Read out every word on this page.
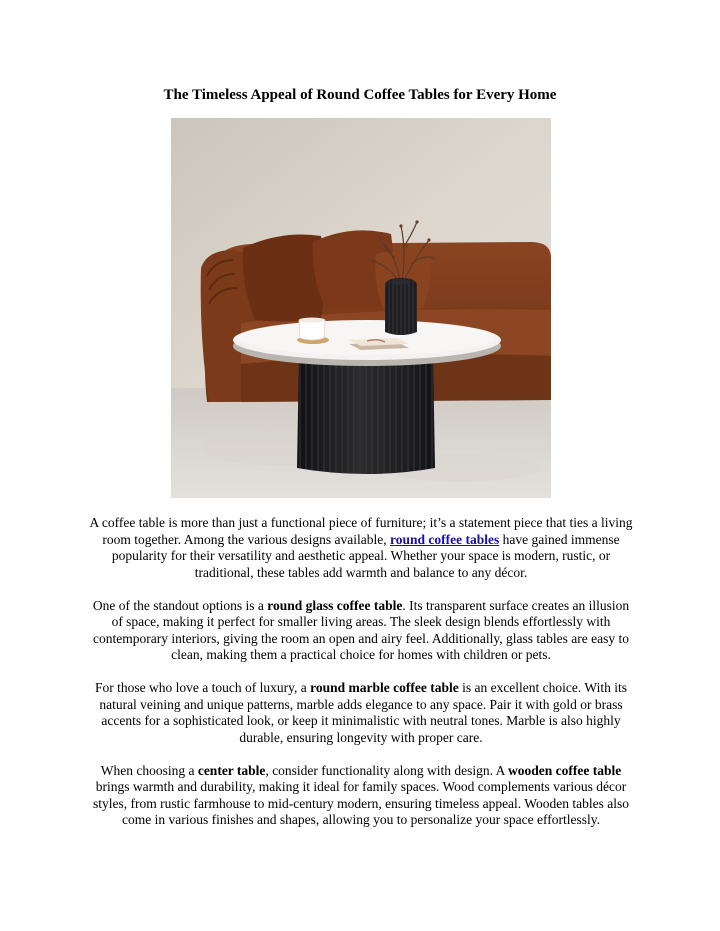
The Timeless Appeal of Round Coffee Tables for Every Home

A coffee table is more than just a functional piece of furniture; it’s a statement piece that ties a living room together. Among the various designs available, round coffee tables have gained immense popularity for their versatility and aesthetic appeal. Whether your space is modern, rustic, or traditional, these tables add warmth and balance to any décor.

One of the standout options is a round glass coffee table. Its transparent surface creates an illusion of space, making it perfect for smaller living areas. The sleek design blends effortlessly with contemporary interiors, giving the room an open and airy feel. Additionally, glass tables are easy to clean, making them a practical choice for homes with children or pets.

For those who love a touch of luxury, a round marble coffee table is an excellent choice. With its natural veining and unique patterns, marble adds elegance to any space. Pair it with gold or brass accents for a sophisticated look, or keep it minimalistic with neutral tones. Marble is also highly durable, ensuring longevity with proper care.

When choosing a center table, consider functionality along with design. A wooden coffee table brings warmth and durability, making it ideal for family spaces. Wood complements various décor styles, from rustic farmhouse to mid-century modern, ensuring timeless appeal. Wooden tables also come in various finishes and shapes, allowing you to personalize your space effortlessly.
